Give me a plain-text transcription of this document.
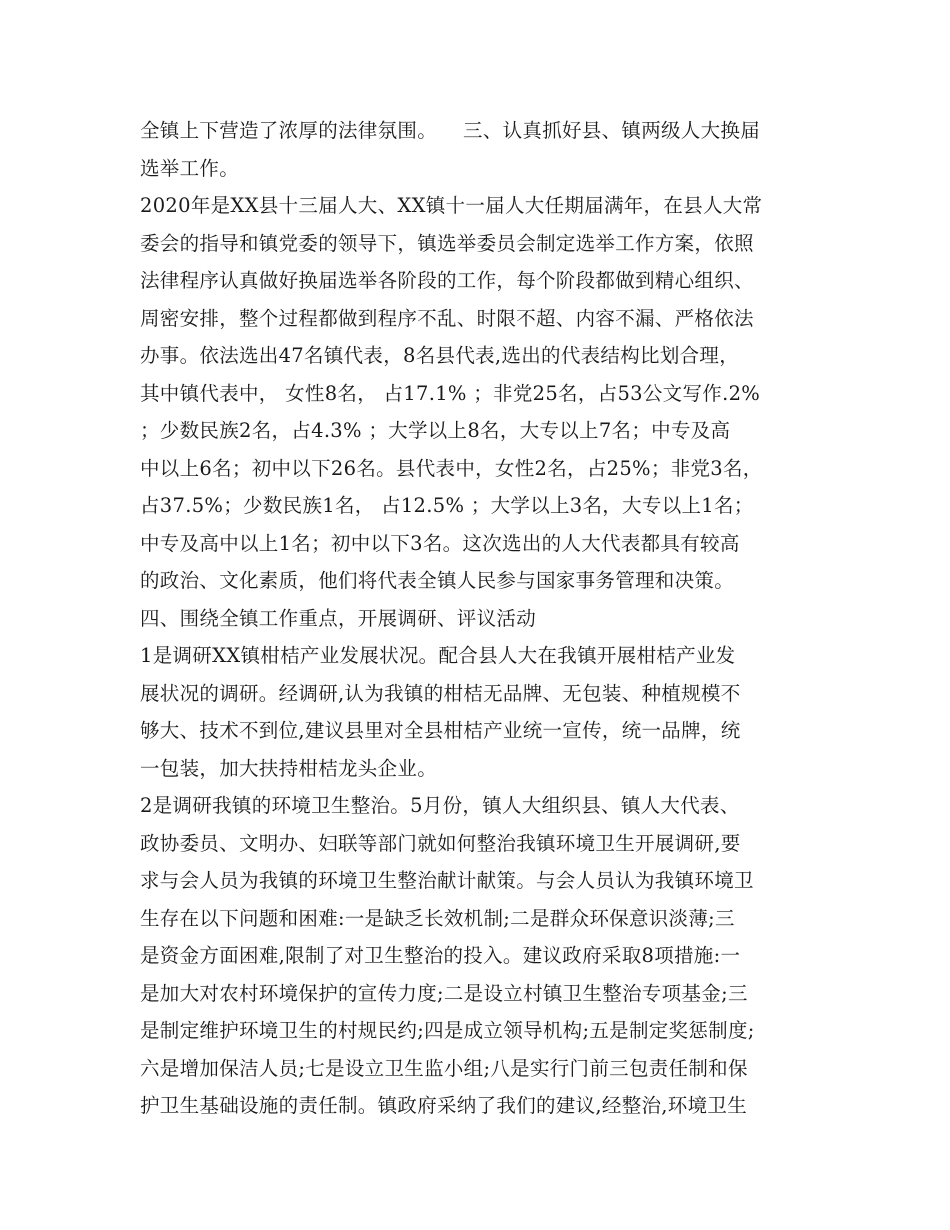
全镇上下营造了浓厚的法律氛围。    三、认真抓好县、镇两级人大换届
选举工作。
2020年是XX县十三届人大、XX镇十一届人大任期届满年，在县人大常
委会的指导和镇党委的领导下，镇选举委员会制定选举工作方案，依照
法律程序认真做好换届选举各阶段的工作，每个阶段都做到精心组织、
周密安排，整个过程都做到程序不乱、时限不超、内容不漏、严格依法
办事。依法选出47名镇代表，8名县代表,选出的代表结构比划合理，
其中镇代表中， 女性8名， 占17.1% ；非党25名，占53公文写作.2%
；少数民族2名，占4.3% ；大学以上8名，大专以上7名；中专及高
中以上6名；初中以下26名。县代表中，女性2名，占25%；非党3名，
占37.5%；少数民族1名， 占12.5% ；大学以上3名，大专以上1名；
中专及高中以上1名；初中以下3名。这次选出的人大代表都具有较高
的政治、文化素质，他们将代表全镇人民参与国家事务管理和决策。
四、围绕全镇工作重点，开展调研、评议活动
1是调研XX镇柑桔产业发展状况。配合县人大在我镇开展柑桔产业发
展状况的调研。经调研,认为我镇的柑桔无品牌、无包装、种植规模不
够大、技术不到位,建议县里对全县柑桔产业统一宣传，统一品牌，统
一包装，加大扶持柑桔龙头企业。
2是调研我镇的环境卫生整治。5月份，镇人大组织县、镇人大代表、
政协委员、文明办、妇联等部门就如何整治我镇环境卫生开展调研,要
求与会人员为我镇的环境卫生整治献计献策。与会人员认为我镇环境卫
生存在以下问题和困难:一是缺乏长效机制;二是群众环保意识淡薄;三
是资金方面困难,限制了对卫生整治的投入。建议政府采取8项措施:一
是加大对农村环境保护的宣传力度;二是设立村镇卫生整治专项基金;三
是制定维护环境卫生的村规民约;四是成立领导机构;五是制定奖惩制度;
六是增加保洁人员;七是设立卫生监小组;八是实行门前三包责任制和保
护卫生基础设施的责任制。镇政府采纳了我们的建议,经整治,环境卫生
